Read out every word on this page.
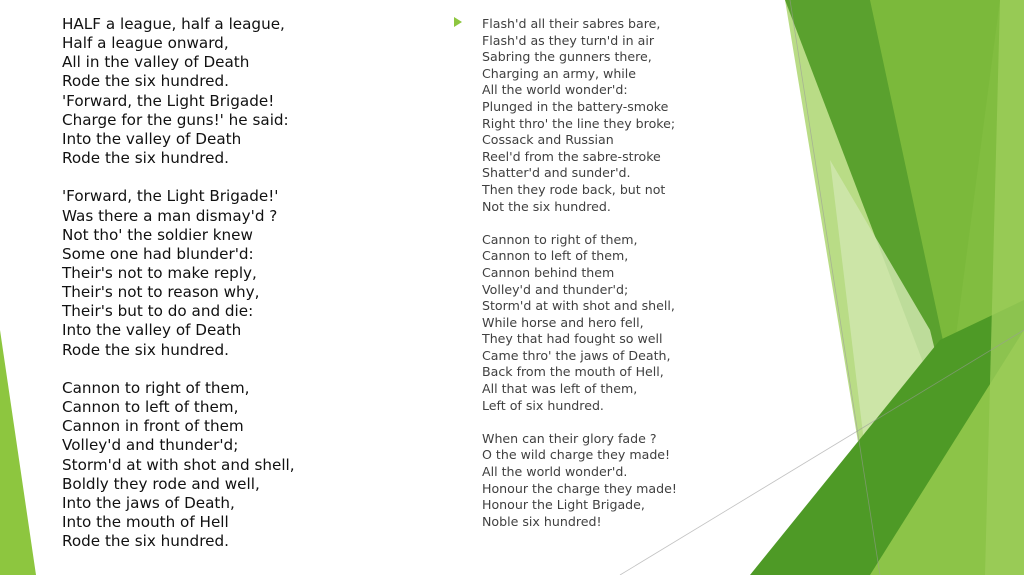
HALF a league, half a league,
Half a league onward,
All in the valley of Death
Rode the six hundred.
'Forward, the Light Brigade!
Charge for the guns!' he said:
Into the valley of Death
Rode the six hundred.
'Forward, the Light Brigade!'
Was there a man dismay'd ?
Not tho' the soldier knew
Some one had blunder'd:
Their's not to make reply,
Their's not to reason why,
Their's but to do and die:
Into the valley of Death
Rode the six hundred.
Cannon to right of them,
Cannon to left of them,
Cannon in front of them
Volley'd and thunder'd;
Storm'd at with shot and shell,
Boldly they rode and well,
Into the jaws of Death,
Into the mouth of Hell
Rode the six hundred.
Flash'd all their sabres bare,
Flash'd as they turn'd in air
Sabring the gunners there,
Charging an army, while
All the world wonder'd:
Plunged in the battery-smoke
Right thro' the line they broke;
Cossack and Russian
Reel'd from the sabre-stroke
Shatter'd and sunder'd.
Then they rode back, but not
Not the six hundred.
Cannon to right of them,
Cannon to left of them,
Cannon behind them
Volley'd and thunder'd;
Storm'd at with shot and shell,
While horse and hero fell,
They that had fought so well
Came thro' the jaws of Death,
Back from the mouth of Hell,
All that was left of them,
Left of six hundred.
When can their glory fade ?
O the wild charge they made!
All the world wonder'd.
Honour the charge they made!
Honour the Light Brigade,
Noble six hundred!
